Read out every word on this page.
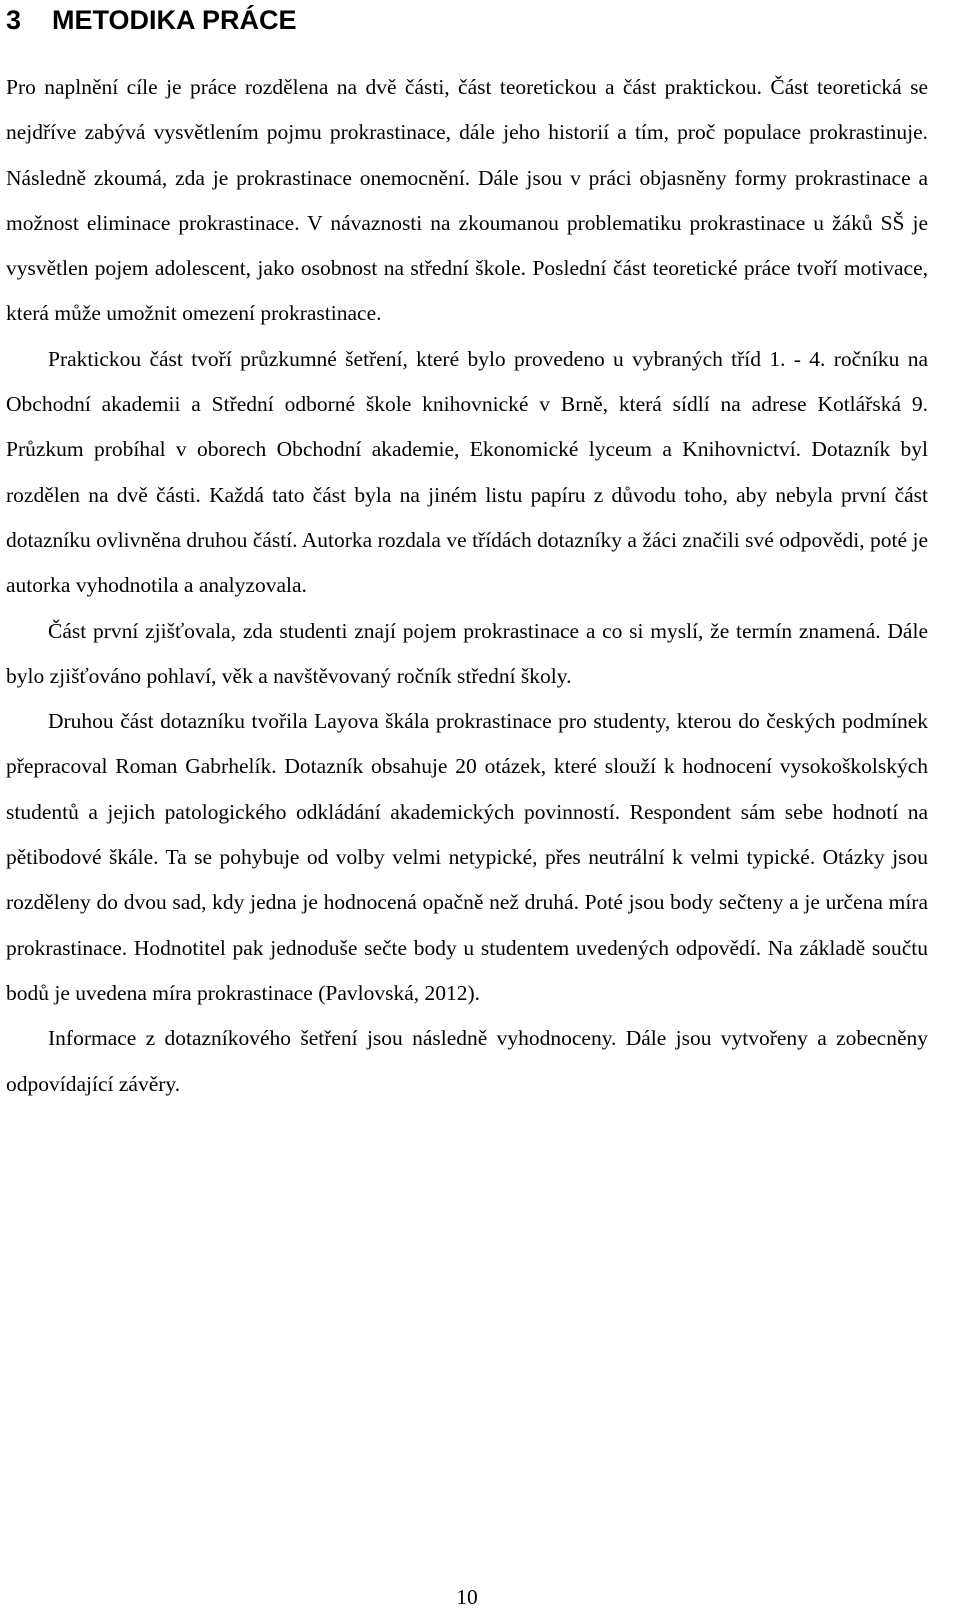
3 METODIKA PRÁCE

Pro naplnění cíle je práce rozdělena na dvě části, část teoretickou a část praktickou. Část teoretická se nejdříve zabývá vysvětlením pojmu prokrastinace, dále jeho historií a tím, proč populace prokrastinuje. Následně zkoumá, zda je prokrastinace onemocnění. Dále jsou v práci objasněny formy prokrastinace a možnost eliminace prokrastinace. V návaznosti na zkoumanou problematiku prokrastinace u žáků SŠ je vysvětlen pojem adolescent, jako osobnost na střední škole. Poslední část teoretické práce tvoří motivace, která může umožnit omezení prokrastinace.

Praktickou část tvoří průzkumné šetření, které bylo provedeno u vybraných tříd 1. - 4. ročníku na Obchodní akademii a Střední odborné škole knihovnické v Brně, která sídlí na adrese Kotlářská 9. Průzkum probíhal v oborech Obchodní akademie, Ekonomické lyceum a Knihovnictví. Dotazník byl rozdělen na dvě části. Každá tato část byla na jiném listu papíru z důvodu toho, aby nebyla první část dotazníku ovlivněna druhou částí. Autorka rozdala ve třídách dotazníky a žáci značili své odpovědi, poté je autorka vyhodnotila a analyzovala.

Část první zjišťovala, zda studenti znají pojem prokrastinace a co si myslí, že termín znamená. Dále bylo zjišťováno pohlaví, věk a navštěvovaný ročník střední školy.

Druhou část dotazníku tvořila Layova škála prokrastinace pro studenty, kterou do českých podmínek přepracoval Roman Gabrhelík. Dotazník obsahuje 20 otázek, které slouží k hodnocení vysokoškolských studentů a jejich patologického odkládání akademických povinností. Respondent sám sebe hodnotí na pětibodové škále. Ta se pohybuje od volby velmi netypické, přes neutrální k velmi typické. Otázky jsou rozděleny do dvou sad, kdy jedna je hodnocená opačně než druhá. Poté jsou body sečteny a je určena míra prokrastinace. Hodnotitel pak jednoduše sečte body u studentem uvedených odpovědí. Na základě součtu bodů je uvedena míra prokrastinace (Pavlovská, 2012).

Informace z dotazníkového šetření jsou následně vyhodnoceny. Dále jsou vytvořeny a zobecněny odpovídající závěry.

10
